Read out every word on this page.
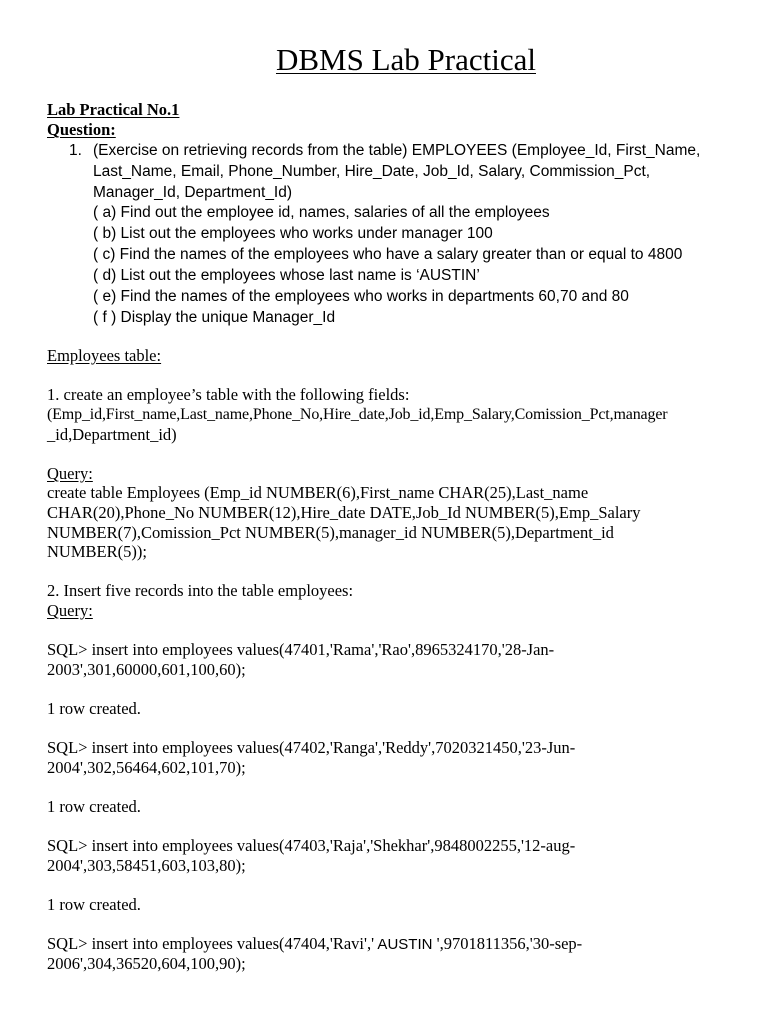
DBMS Lab Practical
Lab Practical No.1
Question:
1. (Exercise on retrieving records from the table) EMPLOYEES (Employee_Id, First_Name,
Last_Name, Email, Phone_Number, Hire_Date, Job_Id, Salary, Commission_Pct,
Manager_Id, Department_Id)
( a) Find out the employee id, names, salaries of all the employees
( b) List out the employees who works under manager 100
( c) Find the names of the employees who have a salary greater than or equal to 4800
( d) List out the employees whose last name is ‘AUSTIN’
( e) Find the names of the employees who works in departments 60,70 and 80
( f ) Display the unique Manager_Id
Employees table:
1. create an employee’s table with the following fields:
(Emp_id,First_name,Last_name,Phone_No,Hire_date,Job_id,Emp_Salary,Comission_Pct,manager
_id,Department_id)
Query:
create table Employees (Emp_id NUMBER(6),First_name CHAR(25),Last_name
CHAR(20),Phone_No NUMBER(12),Hire_date DATE,Job_Id NUMBER(5),Emp_Salary
NUMBER(7),Comission_Pct NUMBER(5),manager_id NUMBER(5),Department_id
NUMBER(5));
2. Insert five records into the table employees:
Query:
SQL> insert into employees values(47401,'Rama','Rao',8965324170,'28-Jan-
2003',301,60000,601,100,60);
1 row created.
SQL> insert into employees values(47402,'Ranga','Reddy',7020321450,'23-Jun-
2004',302,56464,602,101,70);
1 row created.
SQL> insert into employees values(47403,'Raja','Shekhar',9848002255,'12-aug-
2004',303,58451,603,103,80);
1 row created.
SQL> insert into employees values(47404,'Ravi',' AUSTIN ',9701811356,'30-sep-
2006',304,36520,604,100,90);
